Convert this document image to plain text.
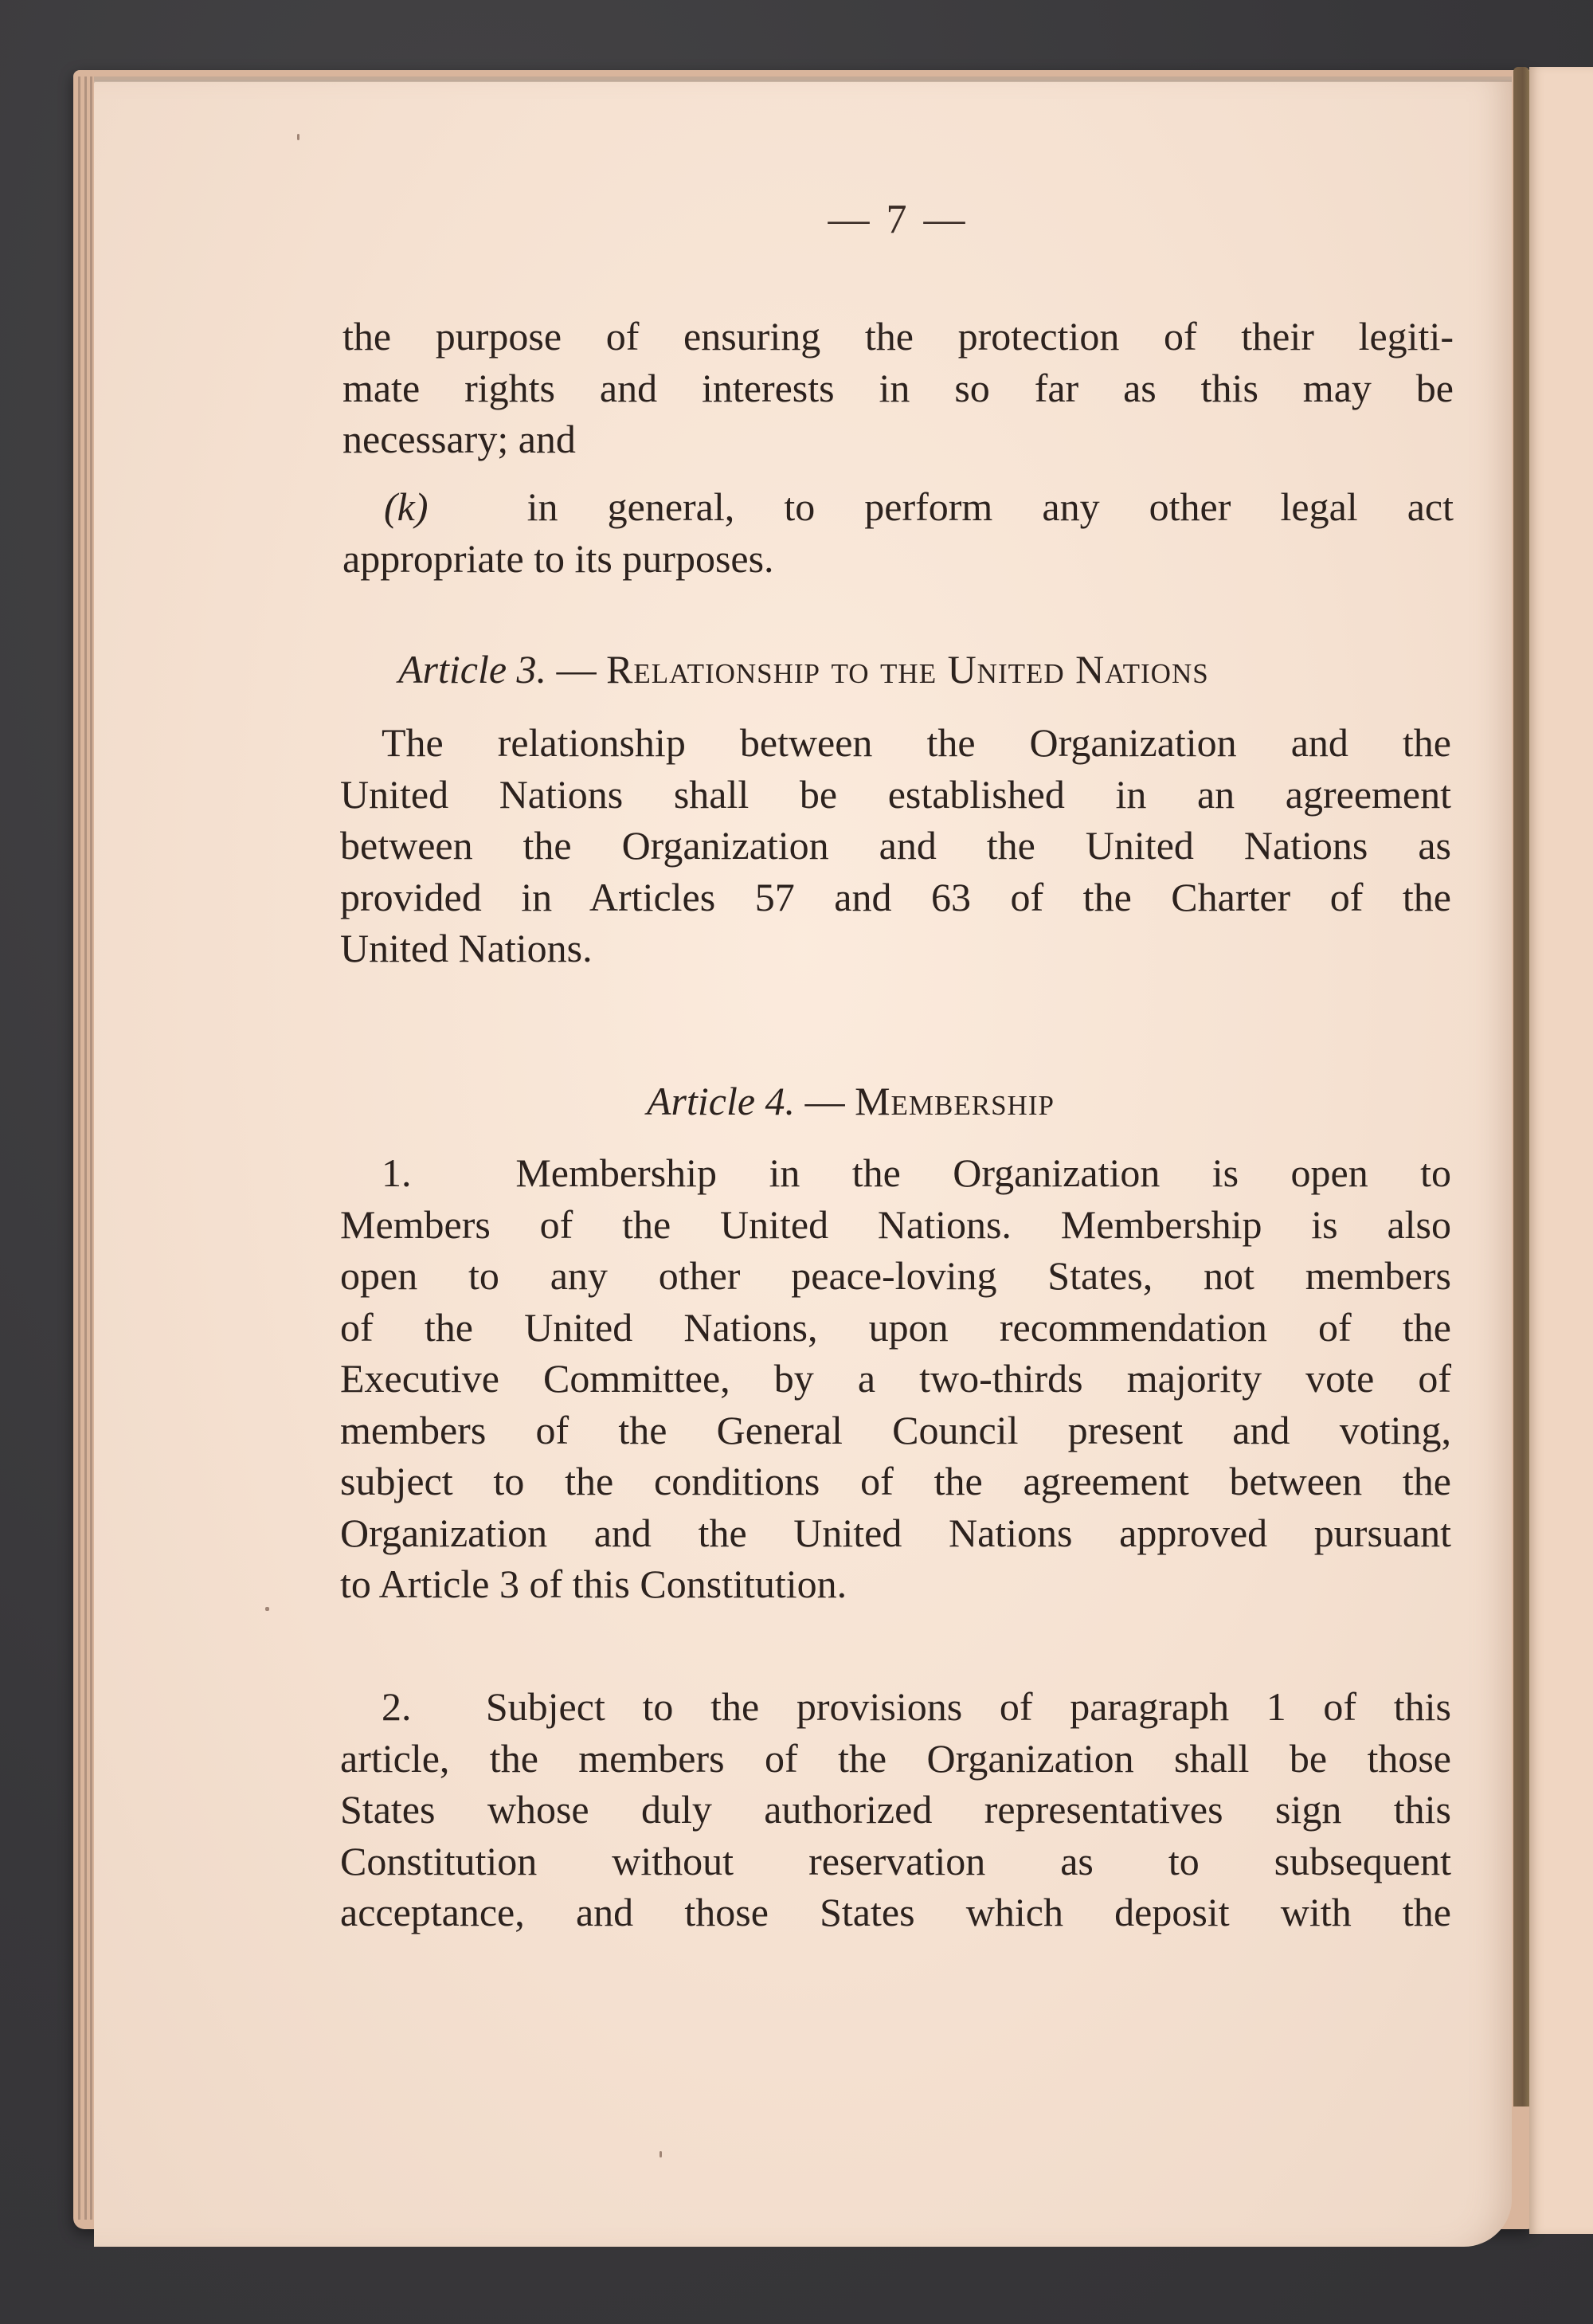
— 7 —
the purpose of ensuring the protection of their legiti-
mate rights and interests in so far as this may be
necessary; and
(k) in general, to perform any other legal act
appropriate to its purposes.
Article 3. — Relationship to the United Nations
The relationship between the Organization and the
United Nations shall be established in an agreement
between the Organization and the United Nations as
provided in Articles 57 and 63 of the Charter of the
United Nations.
Article 4. — Membership
1.	Membership in the Organization is open to
Members of the United Nations. Membership is also
open to any other peace-loving States, not members
of the United Nations, upon recommendation of the
Executive Committee, by a two-thirds majority vote of
members of the General Council present and voting,
subject to the conditions of the agreement between the
Organization and the United Nations approved pursuant
to Article 3 of this Constitution.
2. Subject to the provisions of paragraph 1 of this
article, the members of the Organization shall be those
States whose duly authorized representatives sign this
Constitution without reservation as to subsequent
acceptance, and those States which deposit with the
